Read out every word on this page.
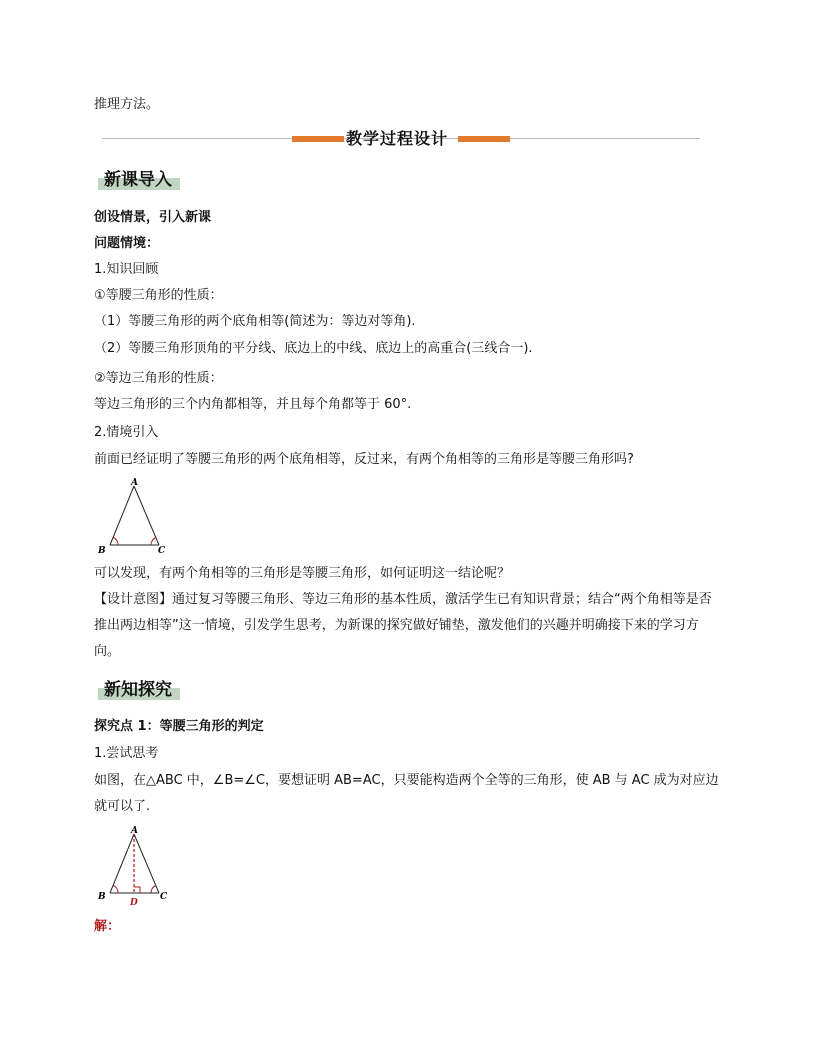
推理方法。
教学过程设计
新课导入
创设情景，引入新课
问题情境：
1.知识回顾
①等腰三角形的性质：
（1）等腰三角形的两个底角相等(简述为：等边对等角).
（2）等腰三角形顶角的平分线、底边上的中线、底边上的高重合(三线合一).
②等边三角形的性质：
等边三角形的三个内角都相等，并且每个角都等于 60°.
2.情境引入
前面已经证明了等腰三角形的两个底角相等，反过来，有两个角相等的三角形是等腰三角形吗?
A
B	C
可以发现，有两个角相等的三角形是等腰三角形，如何证明这一结论呢？
【设计意图】通过复习等腰三角形、等边三角形的基本性质，激活学生已有知识背景；结合“两个角相等是否推出两边相等”这一情境，引发学生思考，为新课的探究做好铺垫，激发他们的兴趣并明确接下来的学习方向。
新知探究
探究点 1：等腰三角形的判定
1.尝试思考
如图，在△ABC 中，∠B=∠C，要想证明 AB=AC，只要能构造两个全等的三角形，使 AB 与 AC 成为对应边就可以了.
A
B	C
D
解：
